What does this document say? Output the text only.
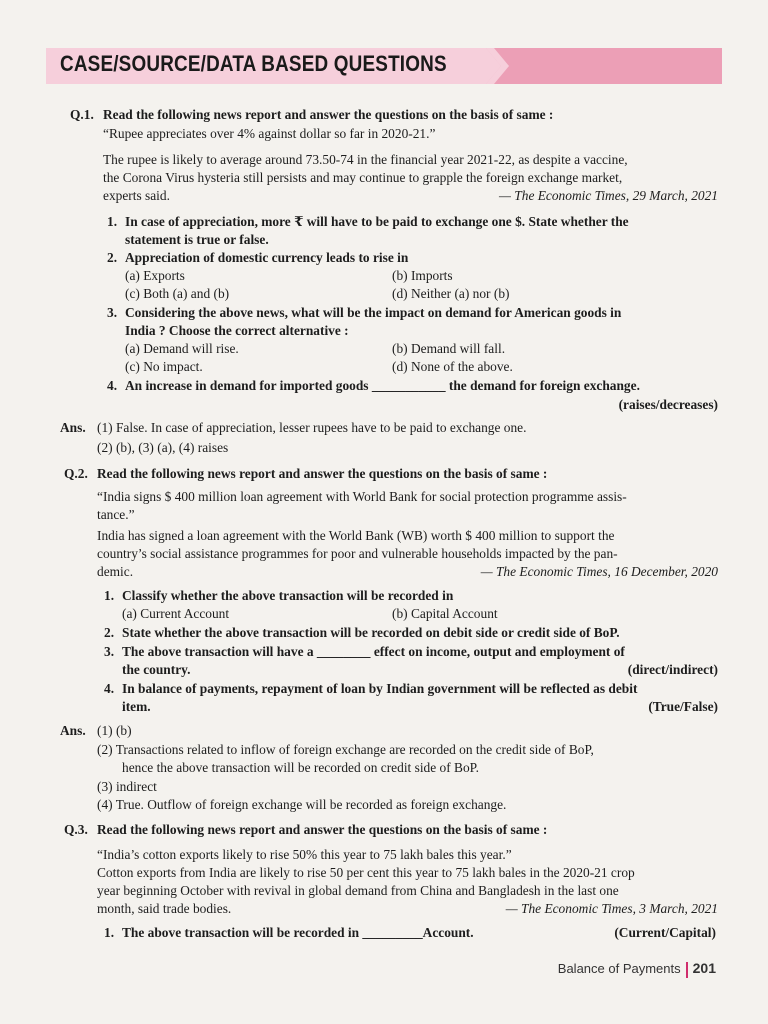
CASE/SOURCE/DATA BASED QUESTIONS
Q.1. Read the following news report and answer the questions on the basis of same :
“Rupee appreciates over 4% against dollar so far in 2020-21.”
The rupee is likely to average around 73.50-74 in the financial year 2021-22, as despite a vaccine,
the Corona Virus hysteria still persists and may continue to grapple the foreign exchange market,
experts said.
1. In case of appreciation, more ₹ will have to be paid to exchange one $. State whether the
statement is true or false.
2. Appreciation of domestic currency leads to rise in
(a) Exports	(b) Imports
(c) Both (a) and (b)	(d) Neither (a) nor (b)
3. Considering the above news, what will be the impact on demand for American goods in
India ? Choose the correct alternative :
(a) Demand will rise.	(b) Demand will fall.
(c) No impact.	(d) None of the above.
4. An increase in demand for imported goods ___________ the demand for foreign exchange.
Ans. (1) False. In case of appreciation, lesser rupees have to be paid to exchange one.
(2) (b), (3) (a), (4) raises
Q.2. Read the following news report and answer the questions on the basis of same :
“India signs $ 400 million loan agreement with World Bank for social protection programme assis-
tance.”
India has signed a loan agreement with the World Bank (WB) worth $ 400 million to support the
country’s social assistance programmes for poor and vulnerable households impacted by the pan-
demic.
1. Classify whether the above transaction will be recorded in
(a) Current Account	(b) Capital Account
2. State whether the above transaction will be recorded on debit side or credit side of BoP.
3. The above transaction will have a ________ effect on income, output and employment of
the country.
4. In balance of payments, repayment of loan by Indian government will be reflected as debit
item.
Ans. (1) (b)
(2) Transactions related to inflow of foreign exchange are recorded on the credit side of BoP,
hence the above transaction will be recorded on credit side of BoP.
(3) indirect
(4) True. Outflow of foreign exchange will be recorded as foreign exchange.
Q.3. Read the following news report and answer the questions on the basis of same :
“India’s cotton exports likely to rise 50% this year to 75 lakh bales this year.”
Cotton exports from India are likely to rise 50 per cent this year to 75 lakh bales in the 2020-21 crop
year beginning October with revival in global demand from China and Bangladesh in the last one
month, said trade bodies.
1. The above transaction will be recorded in _________Account.
— The Economic Times, 29 March, 2021
(raises/decreases)
— The Economic Times, 16 December, 2020
(direct/indirect)
(True/False)
— The Economic Times, 3 March, 2021
(Current/Capital)
Balance of Payments 201
